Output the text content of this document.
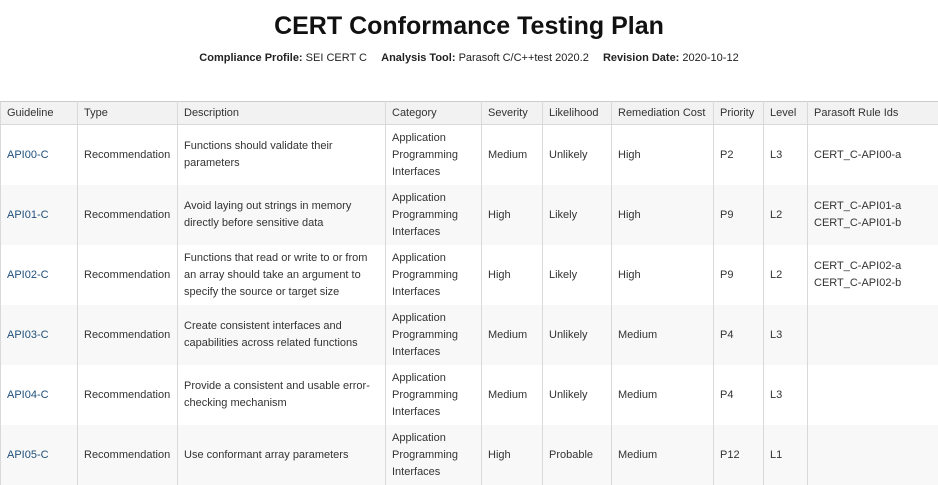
CERT Conformance Testing Plan
Compliance Profile: SEI CERT C Analysis Tool: Parasoft C/C++test 2020.2 Revision Date: 2020-10-12
Guideline	Type	Description	Category	Severity	Likelihood	Remediation Cost	Priority	Level	Parasoft Rule Ids
API00-C	Recommendation	Functions should validate their parameters	Application Programming Interfaces	Medium	Unlikely	High	P2	L3	CERT_C-API00-a

API01-C	Recommendation	Avoid laying out strings in memory directly before sensitive data	Application Programming Interfaces	High	Likely	High	P9	L2	CERT_C-API01-a
CERT_C-API01-b

API02-C	Recommendation	Functions that read or write to or from an array should take an argument to specify the source or target size	Application Programming Interfaces	High	Likely	High	P9	L2	CERT_C-API02-a
CERT_C-API02-b

API03-C	Recommendation	Create consistent interfaces and capabilities across related functions	Application Programming Interfaces	Medium	Unlikely	Medium	P4	L3	
API04-C	Recommendation	Provide a consistent and usable error-checking mechanism	Application Programming Interfaces	Medium	Unlikely	Medium	P4	L3	
API05-C	Recommendation	Use conformant array parameters	Application Programming Interfaces	High	Probable	Medium	P12	L1	
